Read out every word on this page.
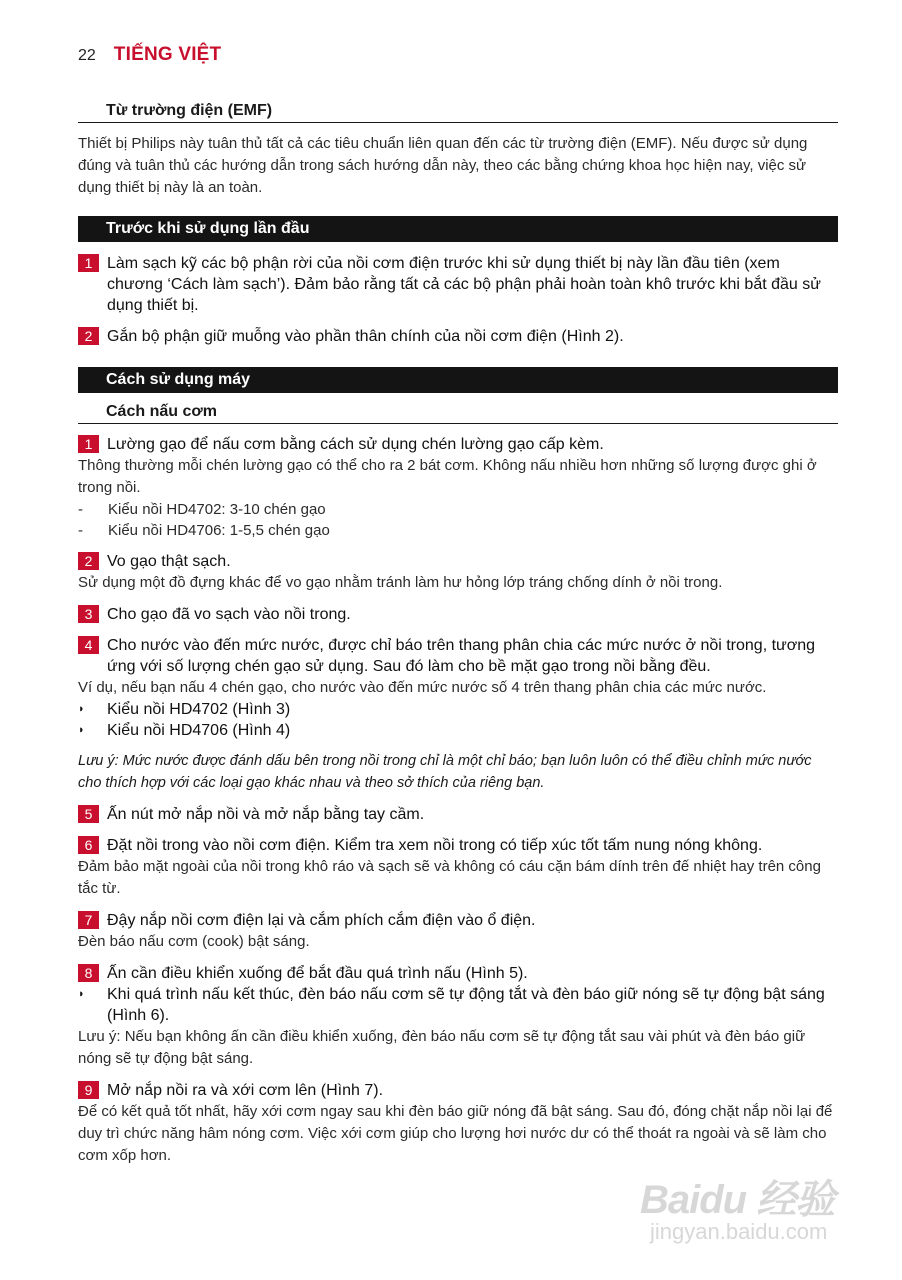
22 TIẾNG VIỆT
Từ trường điện (EMF)
Thiết bị Philips này tuân thủ tất cả các tiêu chuẩn liên quan đến các từ trường điện (EMF). Nếu được sử dụng đúng và tuân thủ các hướng dẫn trong sách hướng dẫn này, theo các bằng chứng khoa học hiện nay, việc sử dụng thiết bị này là an toàn.
Trước khi sử dụng lần đầu
1 Làm sạch kỹ các bộ phận rời của nồi cơm điện trước khi sử dụng thiết bị này lần đầu tiên (xem chương ‘Cách làm sạch’). Đảm bảo rằng tất cả các bộ phận phải hoàn toàn khô trước khi bắt đầu sử dụng thiết bị.
2 Gắn bộ phận giữ muỗng vào phần thân chính của nồi cơm điện (Hình 2).
Cách sử dụng máy
Cách nấu cơm
1 Lường gạo để nấu cơm bằng cách sử dụng chén lường gạo cấp kèm.
Thông thường mỗi chén lường gạo có thể cho ra 2 bát cơm. Không nấu nhiều hơn những số lượng được ghi ở trong nồi.
-	Kiểu nồi HD4702: 3-10 chén gạo
-	Kiểu nồi HD4706: 1-5,5 chén gạo
2 Vo gạo thật sạch.
Sử dụng một đồ đựng khác để vo gạo nhằm tránh làm hư hỏng lớp tráng chống dính ở nồi trong.
3 Cho gạo đã vo sạch vào nồi trong.
4 Cho nước vào đến mức nước, được chỉ báo trên thang phân chia các mức nước ở nồi trong, tương ứng với số lượng chén gạo sử dụng. Sau đó làm cho bề mặt gạo trong nồi bằng đều.
Ví dụ, nếu bạn nấu 4 chén gạo, cho nước vào đến mức nước số 4 trên thang phân chia các mức nước.
◗	Kiểu nồi HD4702 (Hình 3)
◗	Kiểu nồi HD4706 (Hình 4)
Lưu ý: Mức nước được đánh dấu bên trong nồi trong chỉ là một chỉ báo; bạn luôn luôn có thể điều chỉnh mức nước cho thích hợp với các loại gạo khác nhau và theo sở thích của riêng bạn.
5 Ấn nút mở nắp nồi và mở nắp bằng tay cầm.
6 Đặt nồi trong vào nồi cơm điện. Kiểm tra xem nồi trong có tiếp xúc tốt tấm nung nóng không.
Đảm bảo mặt ngoài của nồi trong khô ráo và sạch sẽ và không có cáu cặn bám dính trên đế nhiệt hay trên công tắc từ.
7 Đậy nắp nồi cơm điện lại và cắm phích cắm điện vào ổ điện.
Đèn báo nấu cơm (cook) bật sáng.
8 Ấn cần điều khiển xuống để bắt đầu quá trình nấu (Hình 5).
◗	Khi quá trình nấu kết thúc, đèn báo nấu cơm sẽ tự động tắt và đèn báo giữ nóng sẽ tự động bật sáng (Hình 6).
Lưu ý: Nếu bạn không ấn cần điều khiển xuống, đèn báo nấu cơm sẽ tự động tắt sau vài phút và đèn báo giữ nóng sẽ tự động bật sáng.
9 Mở nắp nồi ra và xới cơm lên (Hình 7).
Để có kết quả tốt nhất, hãy xới cơm ngay sau khi đèn báo giữ nóng đã bật sáng. Sau đó, đóng chặt nắp nồi lại để duy trì chức năng hâm nóng cơm. Việc xới cơm giúp cho lượng hơi nước dư có thể thoát ra ngoài và sẽ làm cho cơm xốp hơn.
Baidu 经验
jingyan.baidu.com
